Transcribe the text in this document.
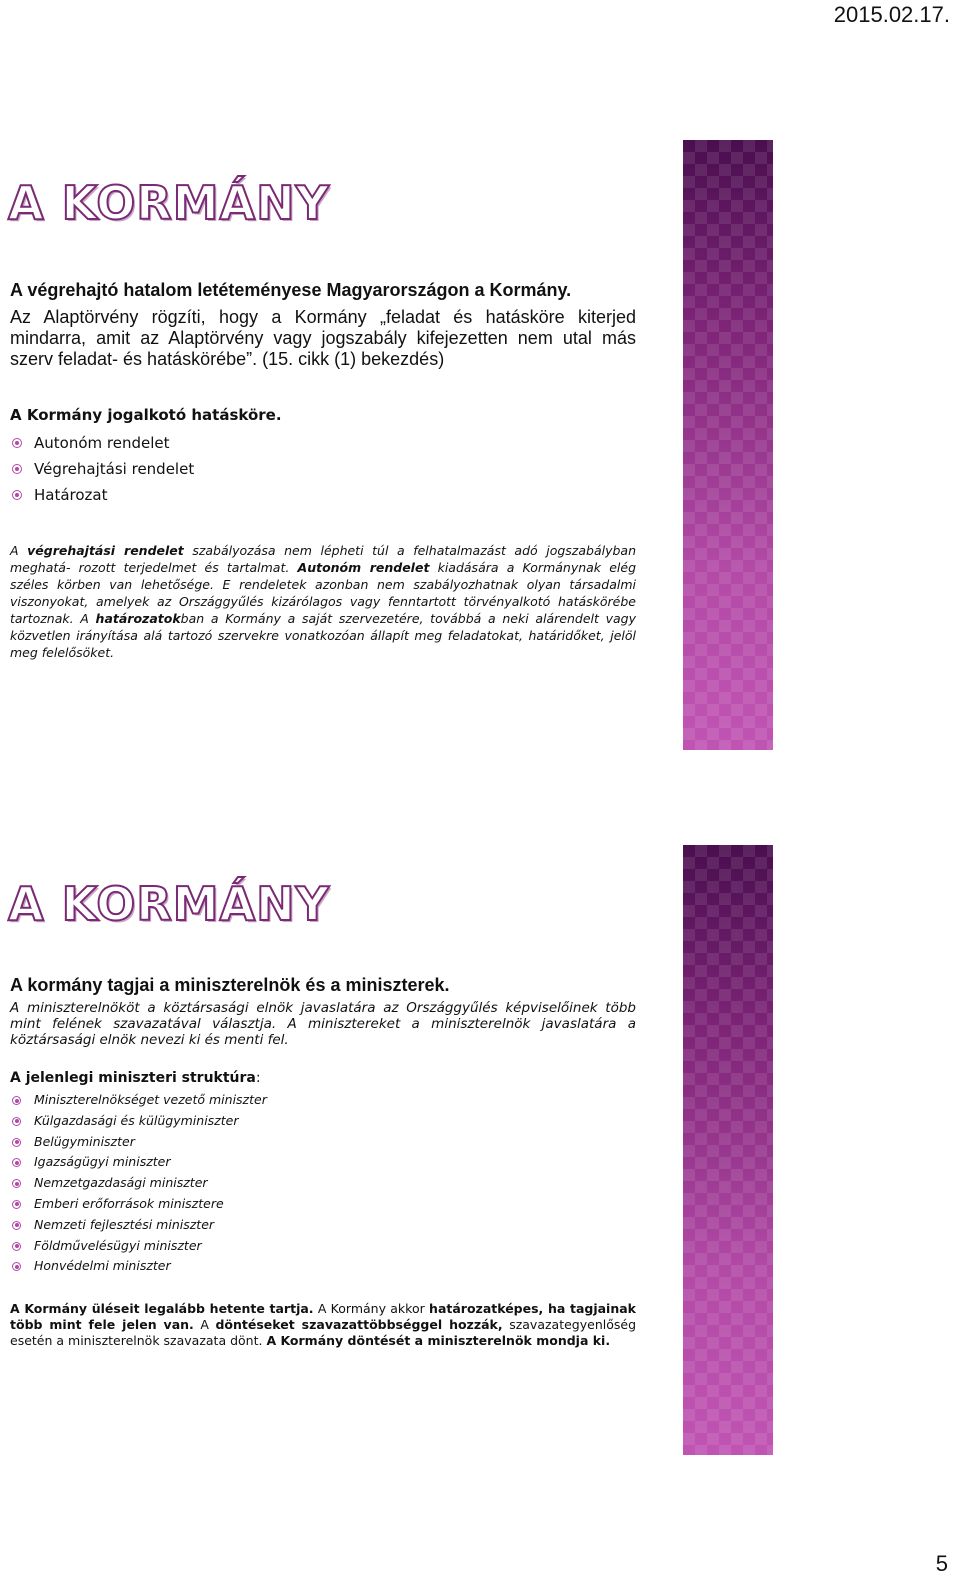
2015.02.17.
A KORMÁNY

A végrehajtó hatalom letéteményese Magyarországon a Kormány.

Az Alaptörvény rögzíti, hogy a Kormány „feladat és hatásköre kiterjed mindarra, amit az Alaptörvény vagy jogszabály kifejezetten nem utal más szerv feladat- és hatáskörébe”. (15. cikk (1) bekezdés)

A Kormány jogalkotó hatásköre.

Autonóm rendelet
Végrehajtási rendelet
Határozat

A végrehajtási rendelet szabályozása nem lépheti túl a felhatalmazást adó jogszabályban meghatá- rozott terjedelmet és tartalmat. Autonóm rendelet kiadására a Kormánynak elég széles körben van lehetősége. E rendeletek azonban nem szabályozhatnak olyan társadalmi viszonyokat, amelyek az Országgyűlés kizárólagos vagy fenntartott törvényalkotó hatáskörébe tartoznak. A határozatokban a Kormány a saját szervezetére, továbbá a neki alárendelt vagy közvetlen irányítása alá tartozó szervekre vonatkozóan állapít meg feladatokat, határidőket, jelöl meg felelősöket.

A KORMÁNY

A kormány tagjai a miniszterelnök és a miniszterek.

A miniszterelnököt a köztársasági elnök javaslatára az Országgyűlés képviselőinek több mint felének szavazatával választja. A minisztereket a miniszterelnök javaslatára a köztársasági elnök nevezi ki és menti fel.

A jelenlegi miniszteri struktúra:

Miniszterelnökséget vezető miniszter
Külgazdasági és külügyminiszter
Belügyminiszter
Igazságügyi miniszter
Nemzetgazdasági miniszter
Emberi erőforrások minisztere
Nemzeti fejlesztési miniszter
Földművelésügyi miniszter
Honvédelmi miniszter

A Kormány üléseit legalább hetente tartja. A Kormány akkor határozatképes, ha tagjainak több mint fele jelen van. A döntéseket szavazattöbbséggel hozzák, szavazategyenlőség esetén a miniszterelnök szavazata dönt. A Kormány döntését a miniszterelnök mondja ki.

5
